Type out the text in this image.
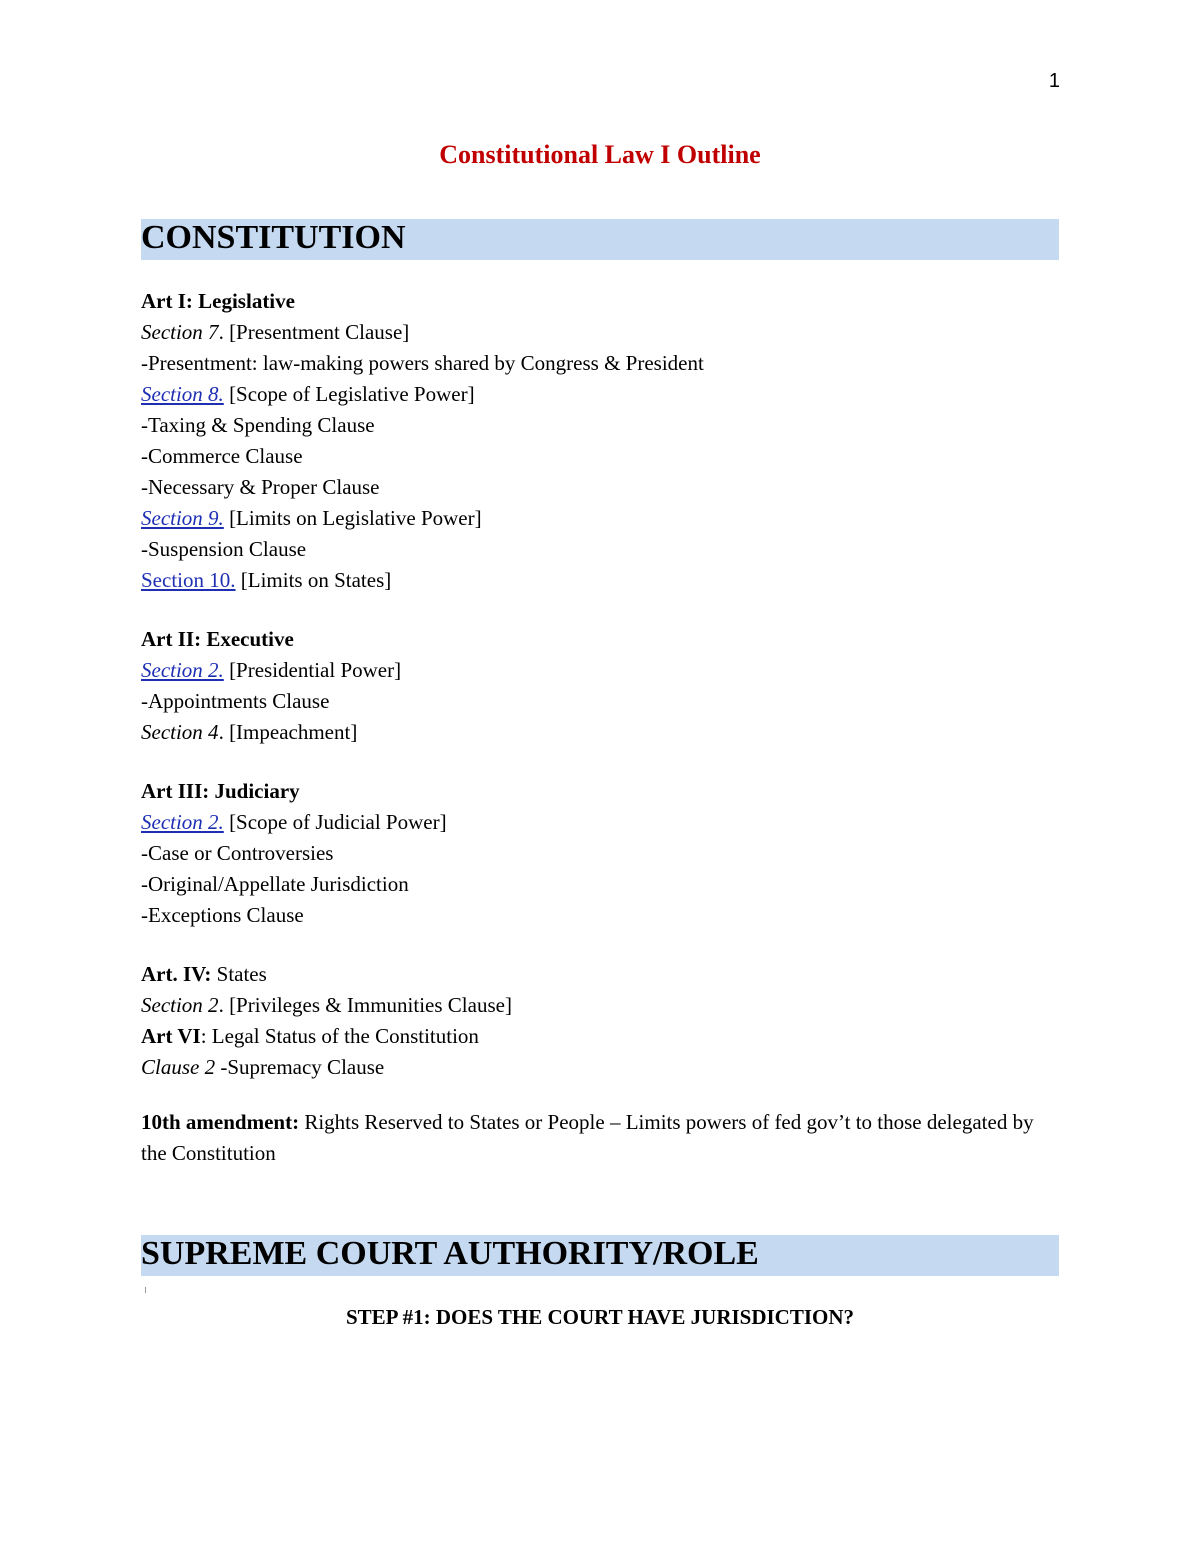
1
Constitutional Law I Outline
CONSTITUTION
Art I: Legislative
Section 7. [Presentment Clause]
-Presentment: law-making powers shared by Congress & President
Section 8. [Scope of Legislative Power]
-Taxing & Spending Clause
-Commerce Clause
-Necessary & Proper Clause
Section 9. [Limits on Legislative Power]
-Suspension Clause
Section 10. [Limits on States]
Art II: Executive
Section 2. [Presidential Power]
-Appointments Clause
Section 4. [Impeachment]
Art III: Judiciary
Section 2. [Scope of Judicial Power]
-Case or Controversies
-Original/Appellate Jurisdiction
-Exceptions Clause
Art. IV: States
Section 2. [Privileges & Immunities Clause]
Art VI: Legal Status of the Constitution
Clause 2 -Supremacy Clause
10th amendment: Rights Reserved to States or People – Limits powers of fed gov’t to those delegated by the Constitution
SUPREME COURT AUTHORITY/ROLE
STEP #1: DOES THE COURT HAVE JURISDICTION?
